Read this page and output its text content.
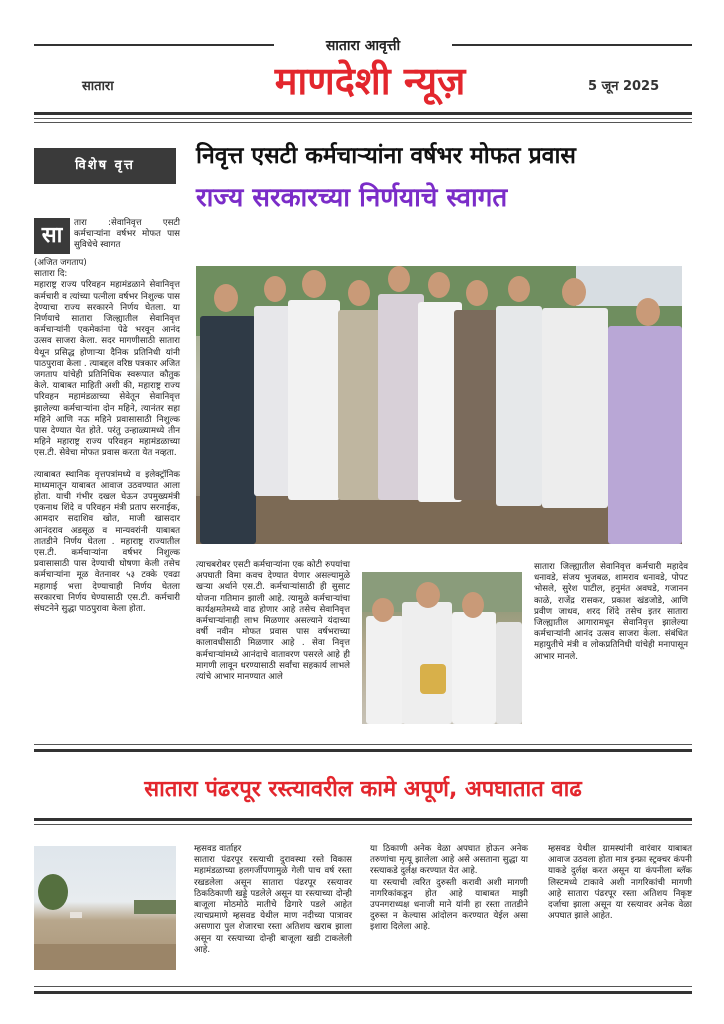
सातारा आवृत्ती
सातारा	माणदेशी न्यूज़	5 जून 2025
विशेष वृत्त	निवृत्त एसटी कर्मचाऱ्यांना वर्षभर मोफत प्रवास
राज्य सरकारच्या निर्णयाचे स्वागत
सा	तारा :सेवानिवृत्त एसटी कर्मचाऱ्यांना वर्षभर मोफत पास सुविधेचे स्वागत

(अजित जगताप)
सातारा दि:
महाराष्ट्र राज्य परिवहन महामंडळाने सेवानिवृत्त कर्मचारी व त्यांच्या पत्नीला वर्षभर निशुल्क पास देण्याचा राज्य सरकारने निर्णय घेतला. या निर्णयाचे सातारा जिल्ह्यातील सेवानिवृत्त कर्मचाऱ्यांनी एकमेकांना पेढे भरवून आनंद उत्सव साजरा केला. सदर मागणीसाठी सातारा येथून प्रसिद्ध होणाऱ्या दैनिक प्रतिनिधी यांनी पाठपुरावा केला . त्याबद्दल वरिष्ठ पत्रकार अजित जगताप यांचेही प्रतिनिधिक स्वरूपात कौतुक केले. याबाबत माहिती अशी की, महाराष्ट्र राज्य परिवहन महामंडळाच्या सेवेतून सेवानिवृत्त झालेल्या कर्मचाऱ्यांना दोन महिने, त्यानंतर सहा महिने आणि नऊ महिने प्रवासासाठी निशुल्क पास देण्यात येत होते. परंतु उन्हाळ्यामध्ये तीन महिने महाराष्ट्र राज्य परिवहन महामंडळाच्या एस.टी. सेवेचा मोफत प्रवास करता येत नव्हता.

त्याबाबत स्थानिक वृत्तपत्रांमध्ये व इलेक्ट्रॉनिक माध्यमातून याबाबत आवाज उठवण्यात आला होता. याची गंभीर दखल घेऊन उपमुख्यमंत्री एकनाथ शिंदे व परिवहन मंत्री प्रताप सरनाईक, आमदार सदाशिव खोत, माजी खासदार आनंदराव अडसूळ व मान्यवरांनी याबाबत तातडीने निर्णय घेतला . महाराष्ट्र राज्यातील एस.टी. कर्मचाऱ्यांना वर्षभर निशुल्क प्रवासासाठी पास देण्याची घोषणा केली तसेच कर्मचाऱ्यांना मूळ वेतनावर ५३ टक्के एवढा महागाई भत्ता देण्याचाही निर्णय घेतला सरकारचा निर्णय घेण्यासाठी एस.टी. कर्मचारी संघटनेने सुद्धा पाठपुरावा केला होता.

त्याचबरोबर एसटी कर्मचाऱ्यांना एक कोटी रुपयांचा अपघाती विमा कवच देण्यात येणार असल्यामुळे खऱ्या अर्थाने एस.टी. कर्मचाऱ्यांसाठी ही सुसाट योजना गतिमान झाली आहे. त्यामुळे कर्मचाऱ्यांचा कार्यक्षमतेमध्ये वाढ होणार आहे तसेच सेवानिवृत्त कर्मचाऱ्यांनाही लाभ मिळणार असल्याने यंदाच्या वर्षी नवीन मोफत प्रवास पास वर्षभराच्या कालावधीसाठी मिळणार आहे . सेवा निवृत्त कर्मचाऱ्यांमध्ये आनंदाचे वातावरण पसरले आहे ही मागणी लावून धरण्यासाठी सर्वांचा सहकार्य लाभले त्यांचे आभार मानण्यात आले
सातारा जिल्ह्यातील सेवानिवृत्त कर्मचारी महादेव धनावडे, संजय भुजबळ, शामराव धनावडे, पोपट भोसले, सुरेश पाटील, हनुमंत अवघडे, गजानन काळे, राजेंद्र रासकर, प्रकाश खंडजोडे, आणि प्रवीण जाधव, शरद शिंदे तसेच इतर सातारा जिल्ह्यातील आगारामधून सेवानिवृत्त झालेल्या कर्मचाऱ्यांनी आनंद उत्सव साजरा केला. संबंधित महायुतीचे मंत्री व लोकप्रतिनिधी यांचेही मनापासून आभार मानले.
सातारा पंढरपूर रस्त्यावरील कामे अपूर्ण, अपघातात वाढ
म्हसवड वार्ताहर
सातारा पंढरपूर रस्त्याची दुरावस्था रस्ते विकास महामंडळाच्या हलगर्जीपणामुळे गेली पाच वर्ष रस्ता रखडलेला असून सातारा पंढरपूर रस्त्यावर ठिकठिकाणी खड्डे पडलेले असून या रस्त्याच्या दोन्ही बाजूला मोठमोठे मातीचे ढिगारे पडले आहेत त्याचप्रमाणे म्हसवड येथील माण नदीच्या पात्रावर असणारा पुल शेजारचा रस्ता अतिशय खराब झाला असून या रस्त्याच्या दोन्ही बाजूला खडी टाकलेली आहे.
या ठिकाणी अनेक वेळा अपघात होऊन अनेक तरुणांचा मृत्यू झालेला आहे असे असताना सुद्धा या रस्त्याकडे दुर्लक्ष करण्यात येत आहे.
या रस्त्याची त्वरित दुरुस्ती करावी अशी मागणी नागरिकांकडून होत आहे याबाबत माझी उपनगराध्यक्ष धनाजी माने यांनी हा रस्ता तातडीने दुरुस्त न केल्यास आंदोलन करण्यात येईल असा इशारा दिलेला आहे.
म्हसवड येथील ग्रामस्थांनी वारंवार याबाबत आवाज उठवला होता मात्र इन्फ्रा स्ट्रक्चर कंपनी याकडे दुर्लक्ष करत असून या कंपनीला ब्लॅक लिस्टमध्ये टाकावे अशी नागरिकांची मागणी आहे सातारा पंढरपूर रस्ता अतिशय निकृष्ट दर्जाचा झाला असून या रस्त्यावर अनेक वेळा अपघात झाले आहेत.
